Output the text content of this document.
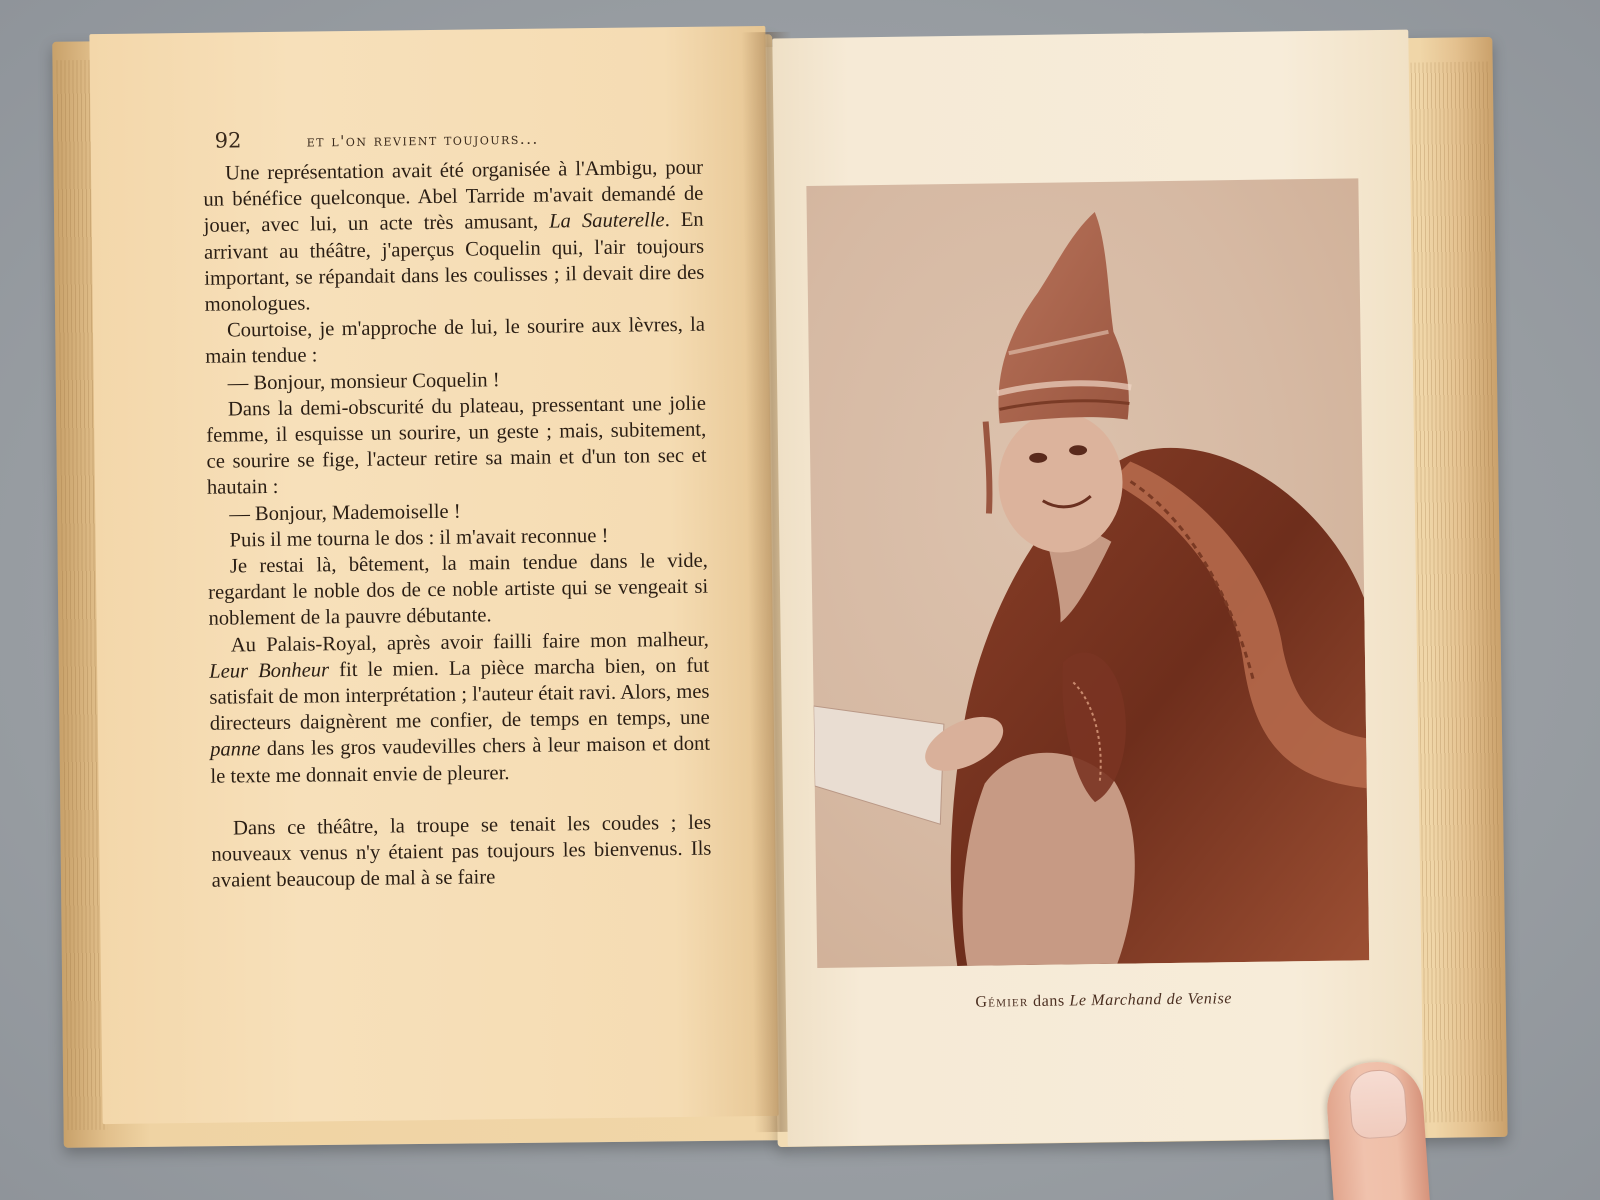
92	et l'on revient toujours...

Une représentation avait été organisée à l'Ambigu, pour un bénéfice quelconque. Abel Tarride m'avait demandé de jouer, avec lui, un acte très amusant, La Sauterelle. En arrivant au théâtre, j'aperçus Coquelin qui, l'air toujours important, se répandait dans les coulisses ; il devait dire des monologues.

Courtoise, je m'approche de lui, le sourire aux lèvres, la main tendue :

— Bonjour, monsieur Coquelin !

Dans la demi-obscurité du plateau, pressentant une jolie femme, il esquisse un sourire, un geste ; mais, subitement, ce sourire se fige, l'acteur retire sa main et d'un ton sec et hautain :

— Bonjour, Mademoiselle !

Puis il me tourna le dos : il m'avait reconnue !

Je restai là, bêtement, la main tendue dans le vide, regardant le noble dos de ce noble artiste qui se vengeait si noblement de la pauvre débutante.

Au Palais-Royal, après avoir failli faire mon malheur, Leur Bonheur fit le mien. La pièce marcha bien, on fut satisfait de mon interprétation ; l'auteur était ravi. Alors, mes directeurs daignèrent me confier, de temps en temps, une panne dans les gros vaudevilles chers à leur maison et dont le texte me donnait envie de pleurer.

Dans ce théâtre, la troupe se tenait les coudes ; les nouveaux venus n'y étaient pas toujours les bienvenus. Ils avaient beaucoup de mal à se faire

Gémier dans Le Marchand de Venise
